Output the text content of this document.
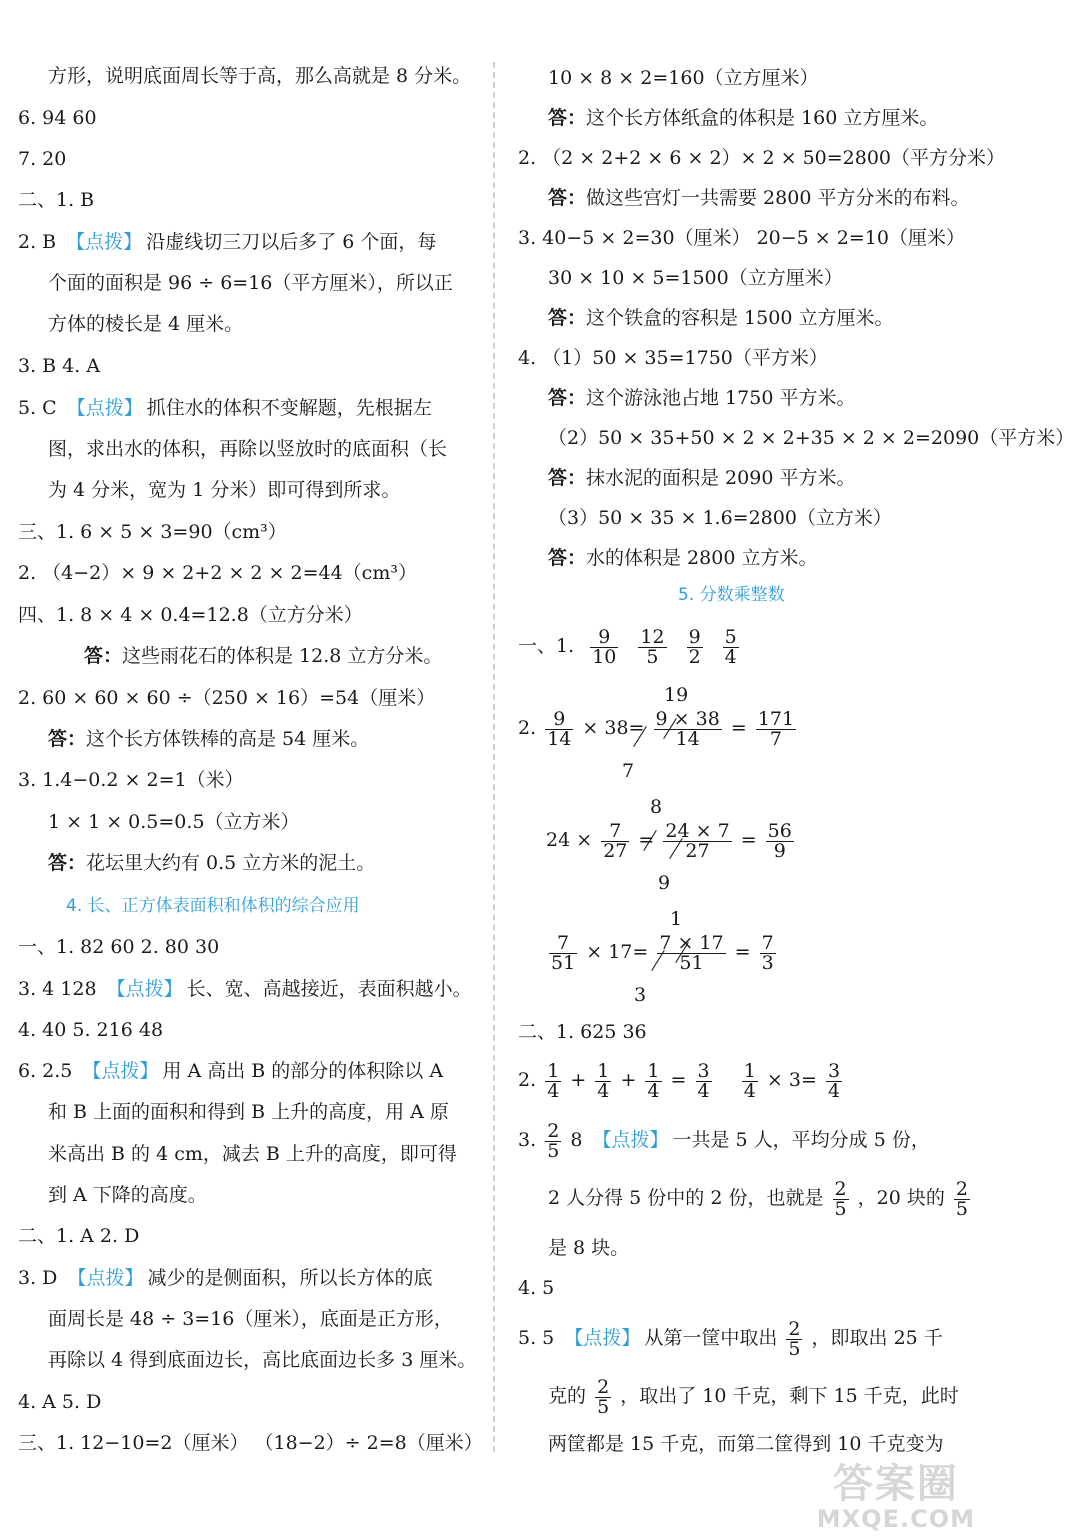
方形，说明底面周长等于高，那么高就是 8 分米。
6. 94 60
7. 20
二、1. B
2. B 【点拨】 沿虚线切三刀以后多了 6 个面，每
个面的面积是 96 ÷ 6=16（平方厘米），所以正
方体的棱长是 4 厘米。
3. B 4. A
5. C 【点拨】 抓住水的体积不变解题，先根据左
图，求出水的体积，再除以竖放时的底面积（长
为 4 分米，宽为 1 分米）即可得到所求。
三、1. 6 × 5 × 3=90（cm³）
2. （4−2）× 9 × 2+2 × 2 × 2=44（cm³）
四、1. 8 × 4 × 0.4=12.8（立方分米）
答：这些雨花石的体积是 12.8 立方分米。
2. 60 × 60 × 60 ÷（250 × 16）=54（厘米）
答：这个长方体铁棒的高是 54 厘米。
3. 1.4−0.2 × 2=1（米）
1 × 1 × 0.5=0.5（立方米）
答：花坛里大约有 0.5 立方米的泥土。
4. 长、正方体表面积和体积的综合应用
一、1. 82 60 2. 80 30
3. 4 128 【点拨】 长、宽、高越接近，表面积越小。
4. 40 5. 216 48
6. 2.5 【点拨】 用 A 高出 B 的部分的体积除以 A
和 B 上面的面积和得到 B 上升的高度，用 A 原
米高出 B 的 4 cm，减去 B 上升的高度，即可得
到 A 下降的高度。
二、1. A 2. D
3. D 【点拨】 减少的是侧面积，所以长方体的底
面周长是 48 ÷ 3=16（厘米），底面是正方形，
再除以 4 得到底面边长，高比底面边长多 3 厘米。
4. A 5. D
三、1. 12−10=2（厘米） （18−2）÷ 2=8（厘米）
10 × 8 × 2=160（立方厘米）
答：这个长方体纸盒的体积是 160 立方厘米。
2. （2 × 2+2 × 6 × 2）× 2 × 50=2800（平方分米）
答：做这些宫灯一共需要 2800 平方分米的布料。
3. 40−5 × 2=30（厘米） 20−5 × 2=10（厘米）
30 × 10 × 5=1500（立方厘米）
答：这个铁盒的容积是 1500 立方厘米。
4. （1）50 × 35=1750（平方米）
答：这个游泳池占地 1750 平方米。
（2）50 × 35+50 × 2 × 2+35 × 2 × 2=2090（平方米）
答：抹水泥的面积是 2090 平方米。
（3）50 × 35 × 1.6=2800（立方米）
答：水的体积是 2800 立方米。
5. 分数乘整数
一、1. $\frac{9}{10} \frac{12}{5} \frac{9}{2} \frac{5}{4}$
19
2. $\frac{9}{14} \times 38= \frac{9 \times 38}{14} = \frac{171}{7}$
7
8
$24 \times \frac{7}{27} = \frac{24 \times 7}{27} = \frac{56}{9}$
9
1
$\frac{7}{51} \times 17= \frac{7 \times 17}{51} = \frac{7}{3}$
3
二、1. 625 36
2. $\frac{1}{4} + \frac{1}{4} + \frac{1}{4} = \frac{3}{4}$
$\frac{1}{4} \times 3= \frac{3}{4}$
3. $\frac{2}{5} 8$ 【点拨】 一共是 5 人，平均分成 5 份，
2 人分得 5 份中的 2 份，也就是 $\frac{2}{5}$ ，20 块的 $\frac{2}{5}$
是 8 块。
4. 5
5. 5 【点拨】 从第一筐中取出 $\frac{2}{5}$ ，即取出 25 千
克的 $\frac{2}{5}$ ，取出了 10 千克，剩下 15 千克，此时
两筐都是 15 千克，而第二筐得到 10 千克变为
答案圈
MXQE.COM
